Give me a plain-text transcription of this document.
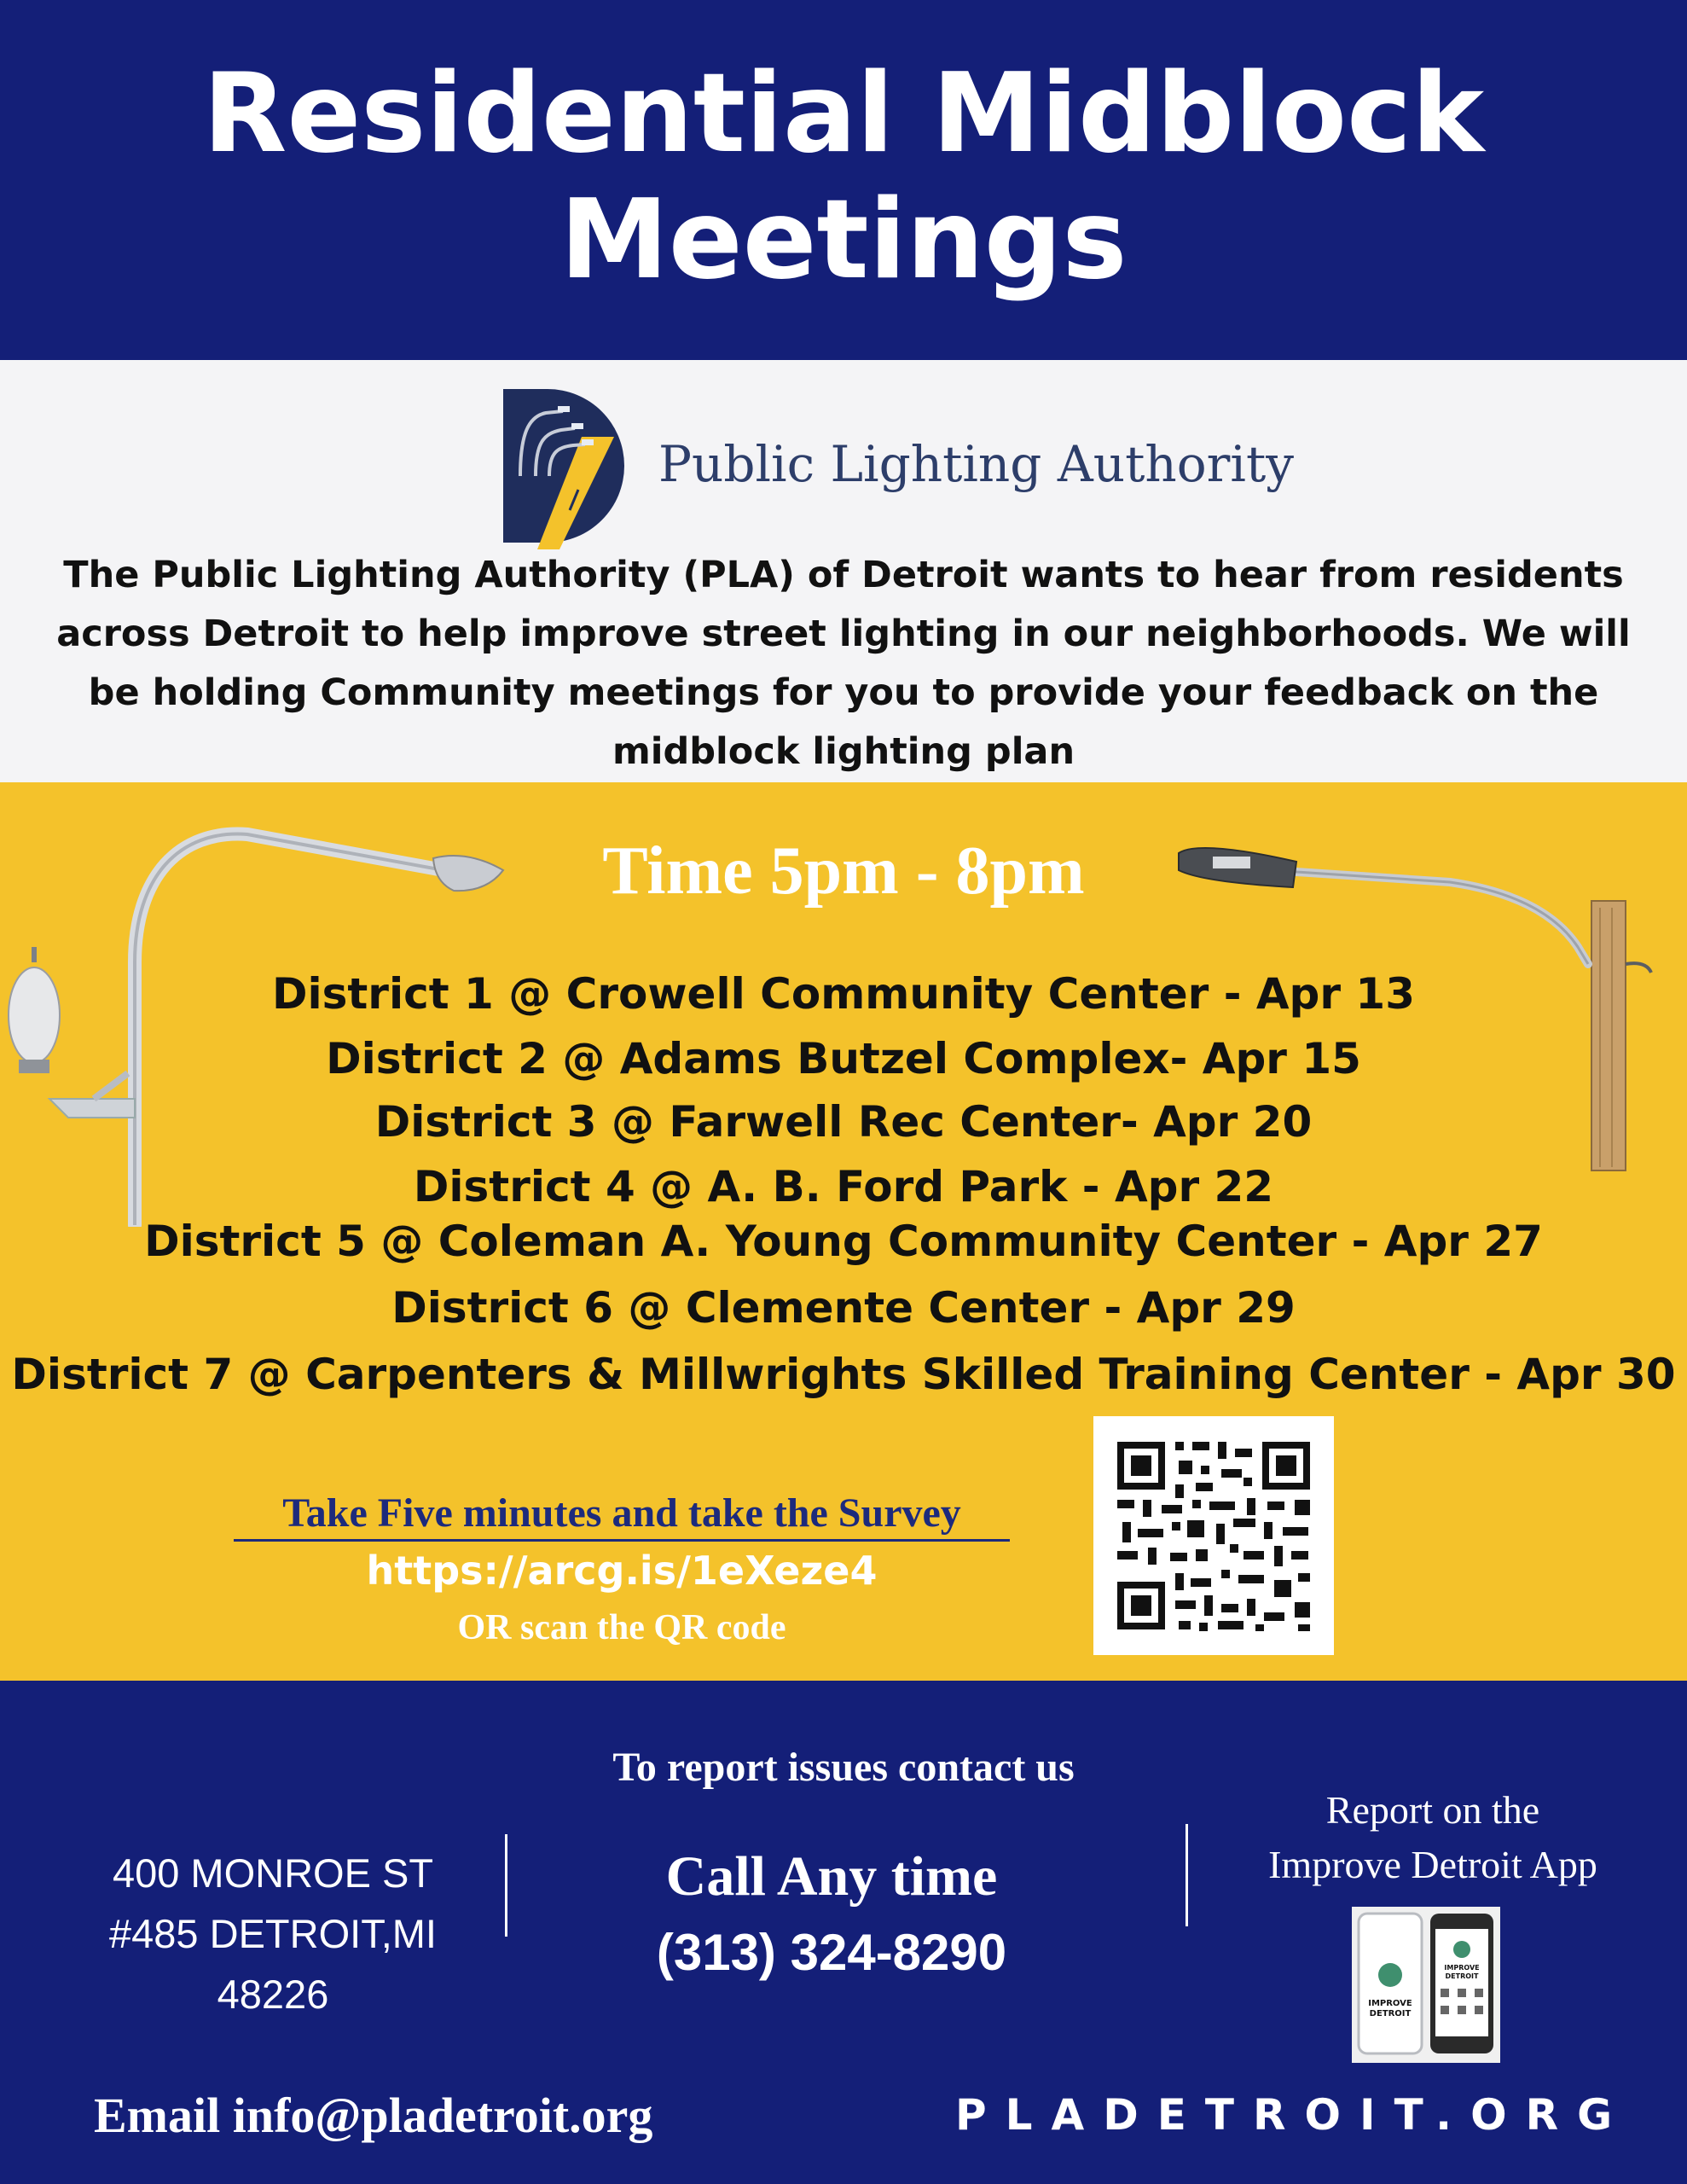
Residential Midblock Meetings
Public Lighting Authority
The Public Lighting Authority (PLA) of Detroit wants to hear from residents across Detroit to help improve street lighting in our neighborhoods. We will be holding Community meetings for you to provide your feedback on the midblock lighting plan
Time 5pm - 8pm
District 1 @ Crowell Community Center - Apr 13
District 2 @ Adams Butzel Complex- Apr 15
District 3 @ Farwell Rec Center- Apr 20
District 4 @ A. B. Ford Park - Apr 22
District 5 @ Coleman A. Young Community Center - Apr 27
District 6 @ Clemente Center - Apr 29
District 7 @ Carpenters & Millwrights Skilled Training Center - Apr 30
Take Five minutes and take the Survey
https://arcg.is/1eXeze4
OR scan the QR code
To report issues contact us
400 MONROE ST
#485 DETROIT,MI
48226
Call Any time
(313) 324-8290
Report on the
Improve Detroit App
IMPROVE
DETROIT
IMPROVE
DETROIT
Email info@pladetroit.org	PLADETROIT.ORG
